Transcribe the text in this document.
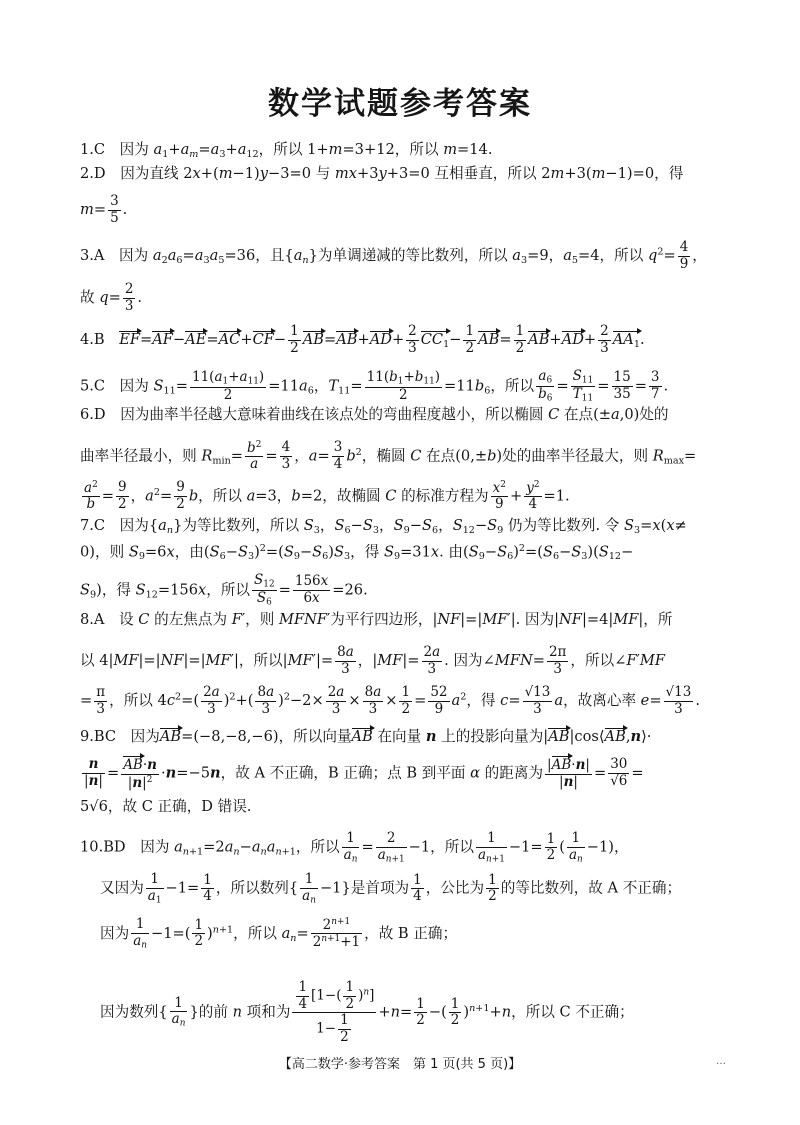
数学试题参考答案
1.C　因为 $a_1+a_m=a_3+a_{12}$，所以 1+m=3+12，所以 m=14.
2.D　因为直线 2x+(m−1)y−3=0 与 mx+3y+3=0 互相垂直，所以 2m+3(m−1)=0，得
$m= \frac{3}{5}$ .
3.A　因为 $a_2a_6=a_3a_5=36$，且$\{a_n\}$为单调递减的等比数列，所以 $a_3=9$，$a_5=4$，所以 $q^2= \frac{4}{9}$ ，
故 $q= \frac{2}{3}$ .
4.B　$EF=AF-AE=AC+CF- \frac{1}{2} AB=AB+AD+ \frac{2}{3} CC_1- \frac{1}{2} AB= \frac{1}{2} AB+AD+ \frac{2}{3} AA_1$.
5.C　因为 $S_{11}= \frac{11(a_1+a_{11})}{2} =11a_6$，$T_{11}= \frac{11(b_1+b_{11})}{2} =11b_6$，所以 $\frac{a_6}{b_6} = \frac{S_{11}}{T_{11}} = \frac{15}{35} = \frac{3}{7}$ .
6.D　因为曲率半径越大意味着曲线在该点处的弯曲程度越小，所以椭圆 C 在点(±a,0)处的
曲率半径最小，则 $R_{min}= \frac{b^2}{a} = \frac{4}{3}$ ，$a= \frac{3}{4} b^2$，椭圆 C 在点(0,±b)处的曲率半径最大，则 $R_{max}=$
$\frac{a^2}{b} = \frac{9}{2}$ ，$a^2= \frac{9}{2}$ b，所以 a=3，b=2，故椭圆 C 的标准方程为 $\frac{x^2}{9} + \frac{y^2}{4} =1$.
7.C　因为$\{a_n\}$为等比数列，所以 $S_3$，$S_6-S_3$，$S_9-S_6$，$S_{12}-S_9$ 仍为等比数列. 令 $S_3=x(x\ne$
0)，则 $S_9=6x$，由$(S_6-S_3)^2=(S_9-S_6)S_3$，得 $S_9=31x$. 由$(S_9-S_6)^2=(S_6-S_3)(S_{12}-$
$S_9$)，得 $S_{12}=156x$，所以 $\frac{S_{12}}{S_6} = \frac{156x}{6x} =26$.
8.A　设 C 的左焦点为 F′，则 MFNF′为平行四边形，|NF|=|MF′|. 因为|NF|=4|MF|，所
以 4|MF|=|NF|=|MF′|，所以$|MF'|= \frac{8a}{3}$ ，$|MF|= \frac{2a}{3}$ . 因为∠MFN= $\frac{2\pi}{3}$ ，所以∠F′MF
= $\frac{\pi}{3}$ ，所以 $4c^2=( \frac{2a}{3} )^2+( \frac{8a}{3} )^2-2\times \frac{2a}{3} \times \frac{8a}{3} \times \frac{1}{2} = \frac{52}{9} a^2$，得 $c= \frac{√13}{3}$ a，故离心率 $e= \frac{√13}{3}$ .
9.BC　因为AB=(−8,−8,−6)，所以向量AB 在向量 n 上的投影向量为|AB|cos⟨AB,n⟩·
$\frac{n}{|n|} = \frac{AB\cdot n}{|n|^2} \cdot n=-5n$，故 A 不正确，B 正确；点 B 到平面 α 的距离为 $\frac{|AB\cdot n|}{|n|} = \frac{30}{√6}$ =
5√6，故 C 正确，D 错误.
10.BD　因为 $a_{n+1}=2a_n-a_na_{n+1}$，所以 $\frac{1}{a_n} = \frac{2}{a_{n+1}} -1$，所以 $\frac{1}{a_{n+1}} -1= \frac{1}{2}$ ( $\frac{1}{a_n} -1$)，
又因为 $\frac{1}{a_1} -1= \frac{1}{4}$ ，所以数列{ $\frac{1}{a_n} -1$}是首项为 $\frac{1}{4}$ ，公比为 $\frac{1}{2}$ 的等比数列，故 A 不正确；
因为 $\frac{1}{a_n} -1=( \frac{1}{2} )^{n+1}$，所以 $a_n= \frac{2^{n+1}}{2^{n+1}+1}$ ，故 B 正确；
因为数列{ $\frac{1}{a_n}$ }的前 n 项和为 $\frac{\frac{1}{4} [1-( \frac{1}{2} )^n]}{1- \frac{1}{2}} +n= \frac{1}{2}$ −( $\frac{1}{2} )^{n+1}+n$，所以 C 不正确；
【高二数学·参考答案　第 1 页(共 5 页)】	…
